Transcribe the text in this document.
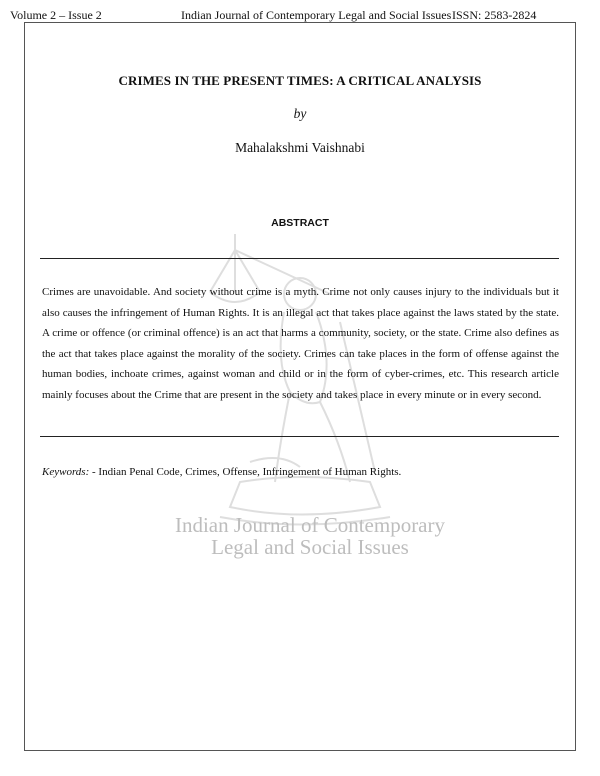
Volume 2 – Issue 2	Indian Journal of Contemporary Legal and Social Issues ISSN: 2583-2824
Indian Journal of Contemporary
Legal and Social Issues
CRIMES IN THE PRESENT TIMES: A CRITICAL ANALYSIS
by
Mahalakshmi Vaishnabi
ABSTRACT
Crimes are unavoidable. And society without crime is a myth. Crime not only causes injury to the individuals but it also causes the infringement of Human Rights. It is an illegal act that takes place against the laws stated by the state. A crime or offence (or criminal offence) is an act that harms a community, society, or the state. Crime also defines as the act that takes place against the morality of the society. Crimes can take places in the form of offense against the human bodies, inchoate crimes, against woman and child or in the form of cyber-crimes, etc. This research article mainly focuses about the Crime that are present in the society and takes place in every minute or in every second.
Keywords: - Indian Penal Code, Crimes, Offense, Infringement of Human Rights.
